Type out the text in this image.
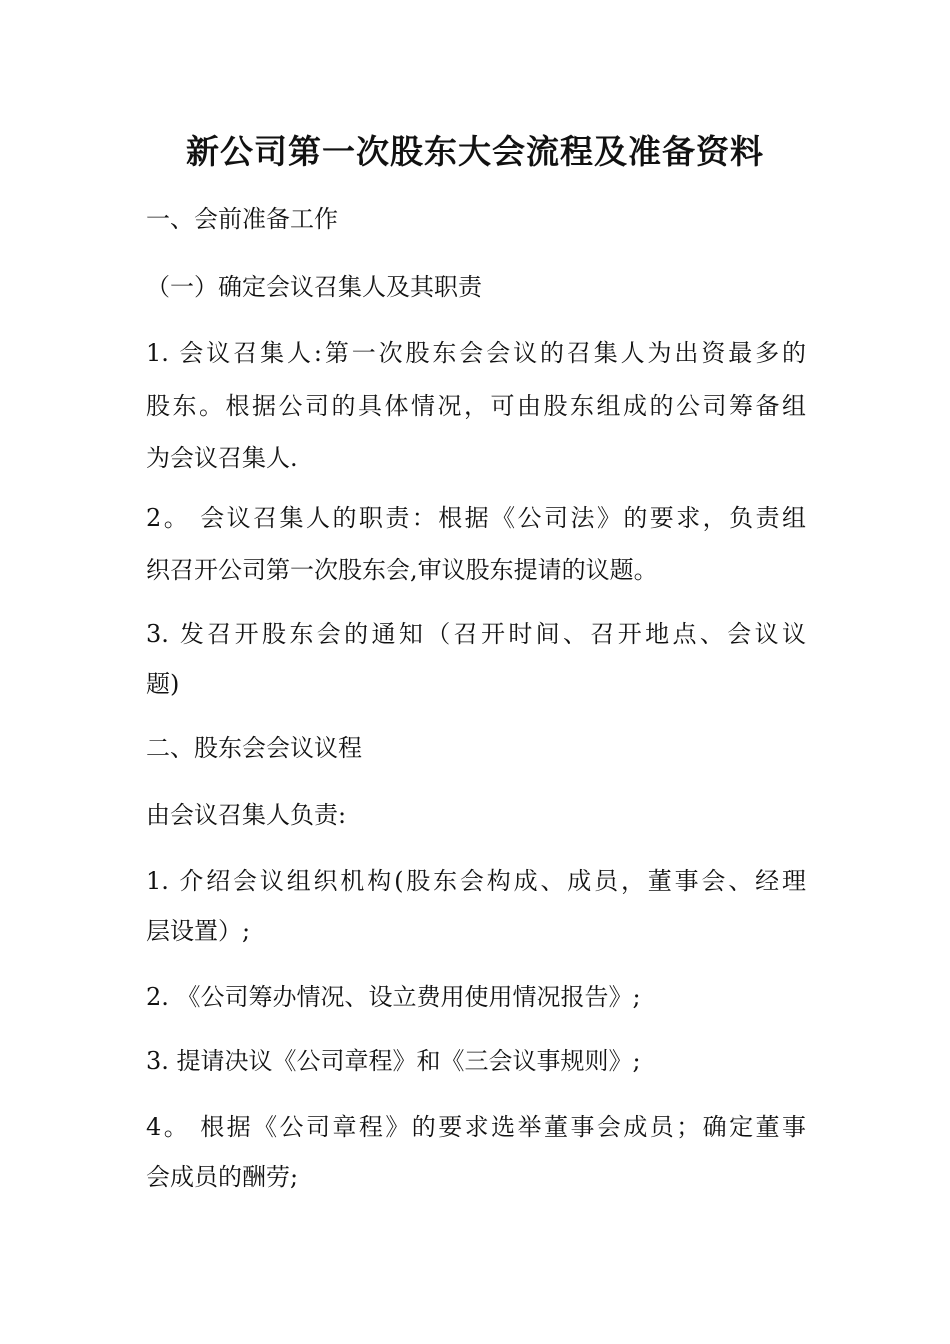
新公司第一次股东大会流程及准备资料
一、会前准备工作
（一）确定会议召集人及其职责
1. 会议召集人:第一次股东会会议的召集人为出资最多的
股东。根据公司的具体情况，可由股东组成的公司筹备组
为会议召集人.
2。 会议召集人的职责：根据《公司法》的要求，负责组
织召开公司第一次股东会,审议股东提请的议题。
3. 发召开股东会的通知（召开时间、召开地点、会议议
题)
二、股东会会议议程
由会议召集人负责:
1. 介绍会议组织机构(股东会构成、成员，董事会、经理
层设置）;
2. 《公司筹办情况、设立费用使用情况报告》;
3. 提请决议《公司章程》和《三会议事规则》;
4。 根据《公司章程》的要求选举董事会成员；确定董事
会成员的酬劳;
